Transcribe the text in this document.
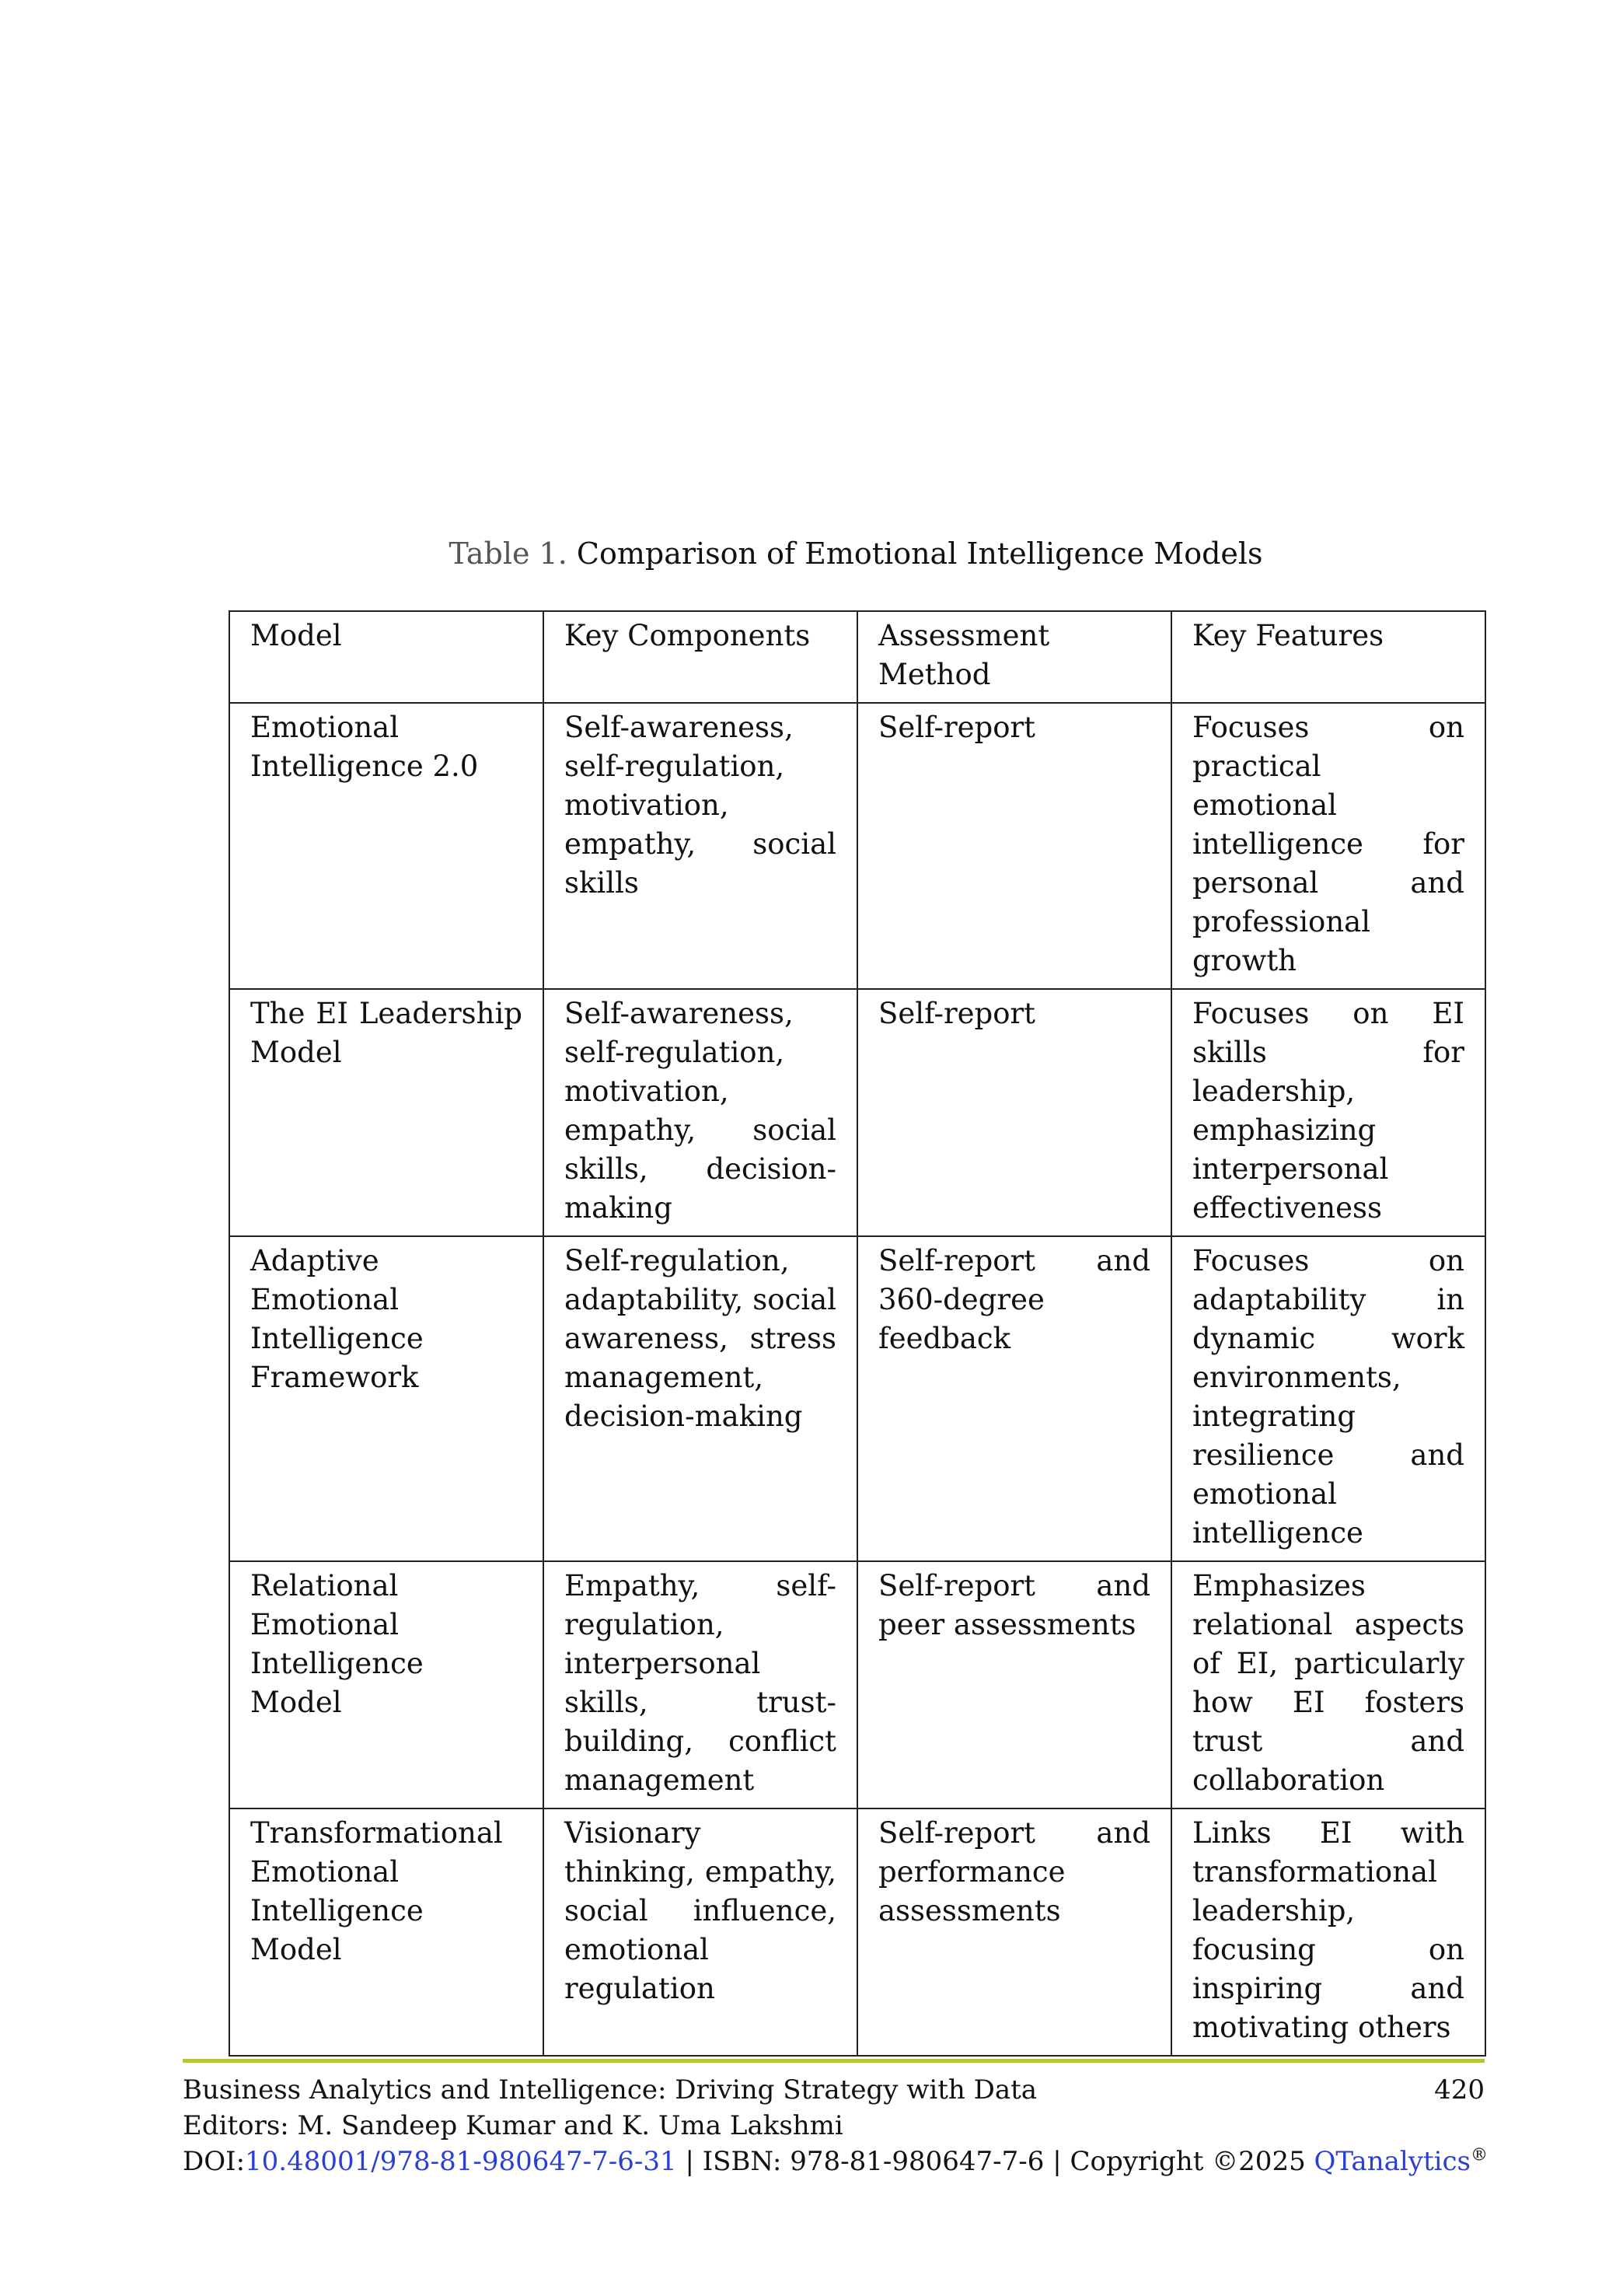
Table 1. Comparison of Emotional Intelligence Models
Model	Key Components	Assessment Method	Key Features
Emotional Intelligence 2.0	Self-awareness, self-regulation, motivation, empathy, social skills	Self-report	Focuses on practical emotional intelligence for personal and professional growth
The EI Leadership Model	Self-awareness, self-regulation, motivation, empathy, social skills, decision-making	Self-report	Focuses on EI skills for leadership, emphasizing interpersonal effectiveness
Adaptive Emotional Intelligence Framework	Self-regulation, adaptability, social awareness, stress management, decision-making	Self-report and 360-degree feedback	Focuses on adaptability in dynamic work environments, integrating resilience and emotional intelligence
Relational Emotional Intelligence Model	Empathy, self-regulation, interpersonal skills, trust-building, conflict management	Self-report and peer assessments	Emphasizes relational aspects of EI, particularly how EI fosters trust and collaboration
Transformational Emotional Intelligence Model	Visionary thinking, empathy, social influence, emotional regulation	Self-report and performance assessments	Links EI with transformational leadership, focusing on inspiring and motivating others
Business Analytics and Intelligence: Driving Strategy with Data	420
Editors: M. Sandeep Kumar and K. Uma Lakshmi
DOI:10.48001/978-81-980647-7-6-31 | ISBN: 978-81-980647-7-6 | Copyright ©2025 QTanalytics®
